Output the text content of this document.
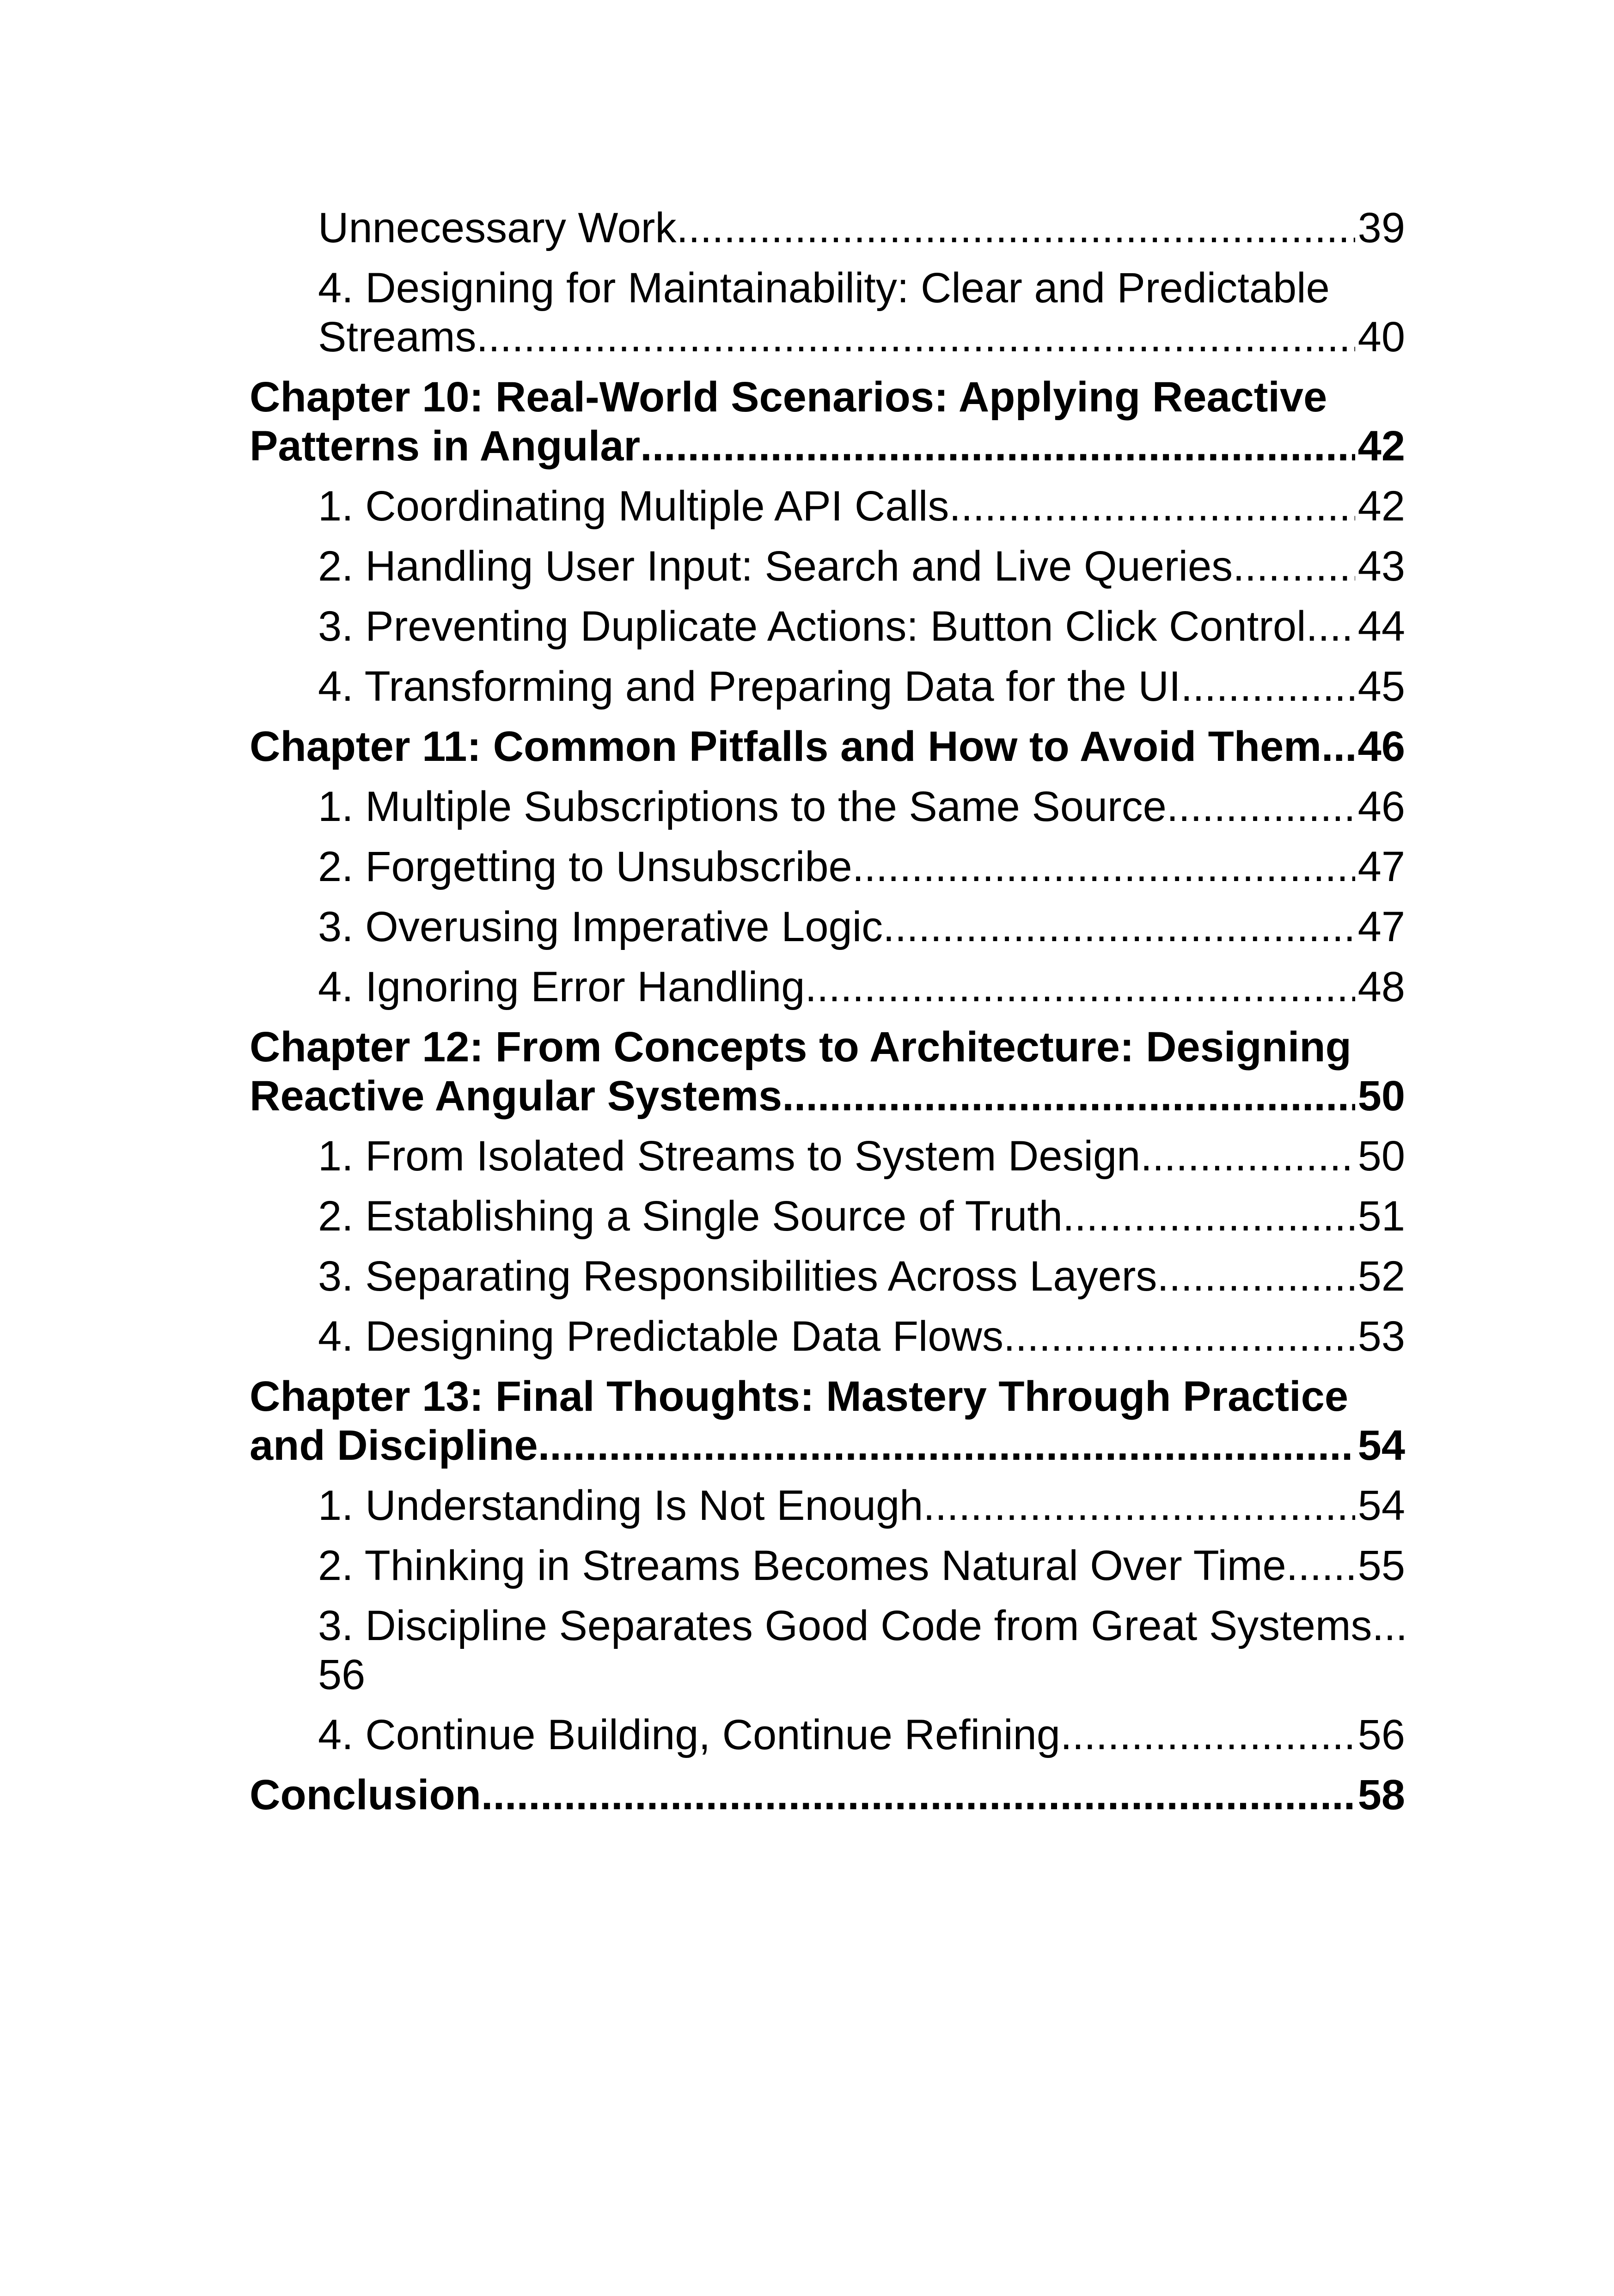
Unnecessary Work .....	39
4. Designing for Maintainability: Clear and Predictable
Streams .....	40
Chapter 10: Real-World Scenarios: Applying Reactive
Patterns in Angular .....	42
1. Coordinating Multiple API Calls .....	42
2. Handling User Input: Search and Live Queries .....	43
3. Preventing Duplicate Actions: Button Click Control ..... 44
4. Transforming and Preparing Data for the UI .....	45
Chapter 11: Common Pitfalls and How to Avoid Them ..... 46
1. Multiple Subscriptions to the Same Source .....	46
2. Forgetting to Unsubscribe .....	47
3. Overusing Imperative Logic .....	47
4. Ignoring Error Handling .....	48
Chapter 12: From Concepts to Architecture: Designing
Reactive Angular Systems .....	50
1. From Isolated Streams to System Design .....	50
2. Establishing a Single Source of Truth .....	51
3. Separating Responsibilities Across Layers .....	52
4. Designing Predictable Data Flows .....	53
Chapter 13: Final Thoughts: Mastery Through Practice
and Discipline .....	54
1. Understanding Is Not Enough .....	54
2. Thinking in Streams Becomes Natural Over Time ..... 55
3. Discipline Separates Good Code from Great Systems...
56
4. Continue Building, Continue Refining .....	56
Conclusion .....	58
